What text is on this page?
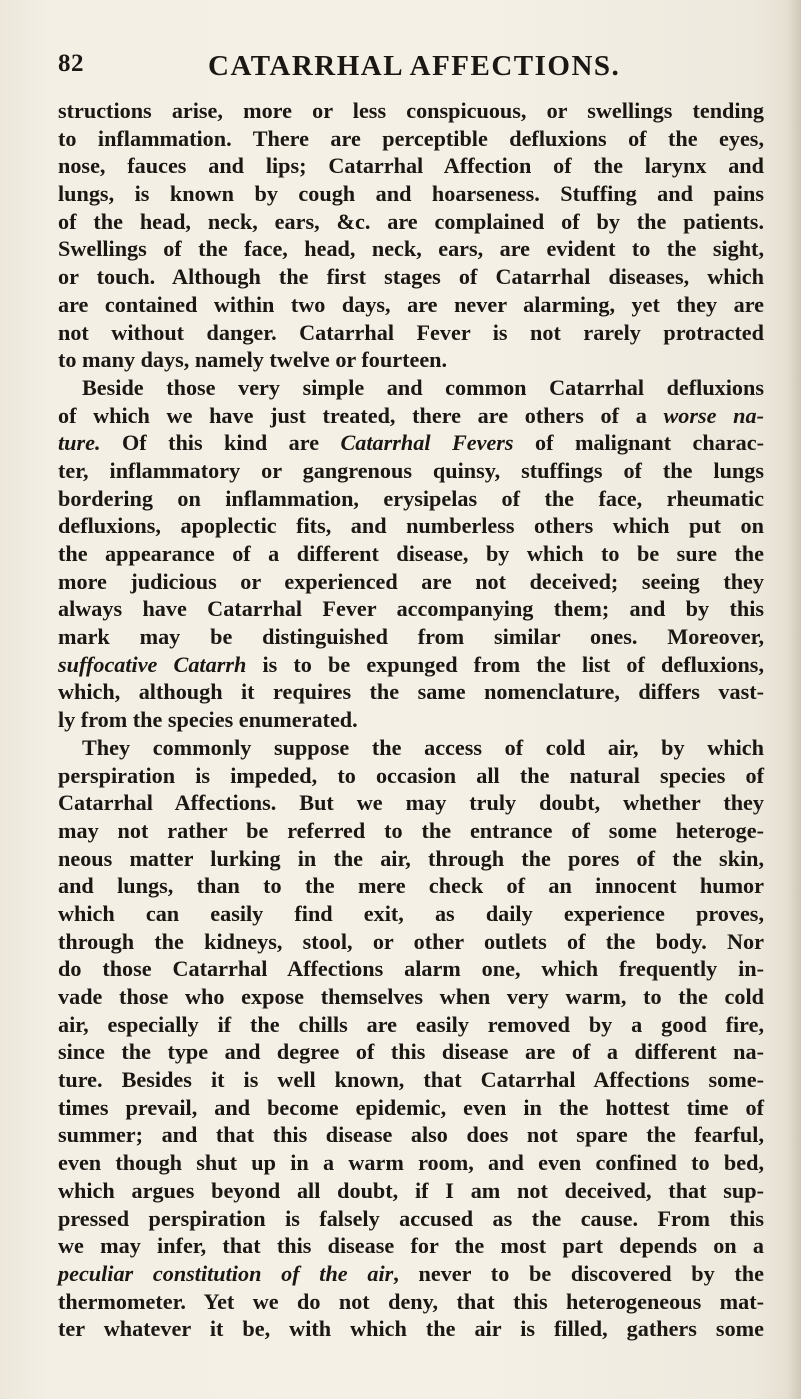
82	CATARRHAL AFFECTIONS.
structions arise, more or less conspicuous, or swellings tending
to inflammation. There are perceptible defluxions of the eyes,
nose, fauces and lips; Catarrhal Affection of the larynx and
lungs, is known by cough and hoarseness. Stuffing and pains
of the head, neck, ears, &c. are complained of by the patients.
Swellings of the face, head, neck, ears, are evident to the sight,
or touch. Although the first stages of Catarrhal diseases, which
are contained within two days, are never alarming, yet they are
not without danger. Catarrhal Fever is not rarely protracted
to many days, namely twelve or fourteen.
Beside those very simple and common Catarrhal defluxions
of which we have just treated, there are others of a worse na-
ture. Of this kind are Catarrhal Fevers of malignant charac-
ter, inflammatory or gangrenous quinsy, stuffings of the lungs
bordering on inflammation, erysipelas of the face, rheumatic
defluxions, apoplectic fits, and numberless others which put on
the appearance of a different disease, by which to be sure the
more judicious or experienced are not deceived; seeing they
always have Catarrhal Fever accompanying them; and by this
mark may be distinguished from similar ones. Moreover,
suffocative Catarrh is to be expunged from the list of defluxions,
which, although it requires the same nomenclature, differs vast-
ly from the species enumerated.
They commonly suppose the access of cold air, by which
perspiration is impeded, to occasion all the natural species of
Catarrhal Affections. But we may truly doubt, whether they
may not rather be referred to the entrance of some heteroge-
neous matter lurking in the air, through the pores of the skin,
and lungs, than to the mere check of an innocent humor
which can easily find exit, as daily experience proves,
through the kidneys, stool, or other outlets of the body. Nor
do those Catarrhal Affections alarm one, which frequently in-
vade those who expose themselves when very warm, to the cold
air, especially if the chills are easily removed by a good fire,
since the type and degree of this disease are of a different na-
ture. Besides it is well known, that Catarrhal Affections some-
times prevail, and become epidemic, even in the hottest time of
summer; and that this disease also does not spare the fearful,
even though shut up in a warm room, and even confined to bed,
which argues beyond all doubt, if I am not deceived, that sup-
pressed perspiration is falsely accused as the cause. From this
we may infer, that this disease for the most part depends on a
peculiar constitution of the air, never to be discovered by the
thermometer. Yet we do not deny, that this heterogeneous mat-
ter whatever it be, with which the air is filled, gathers some
